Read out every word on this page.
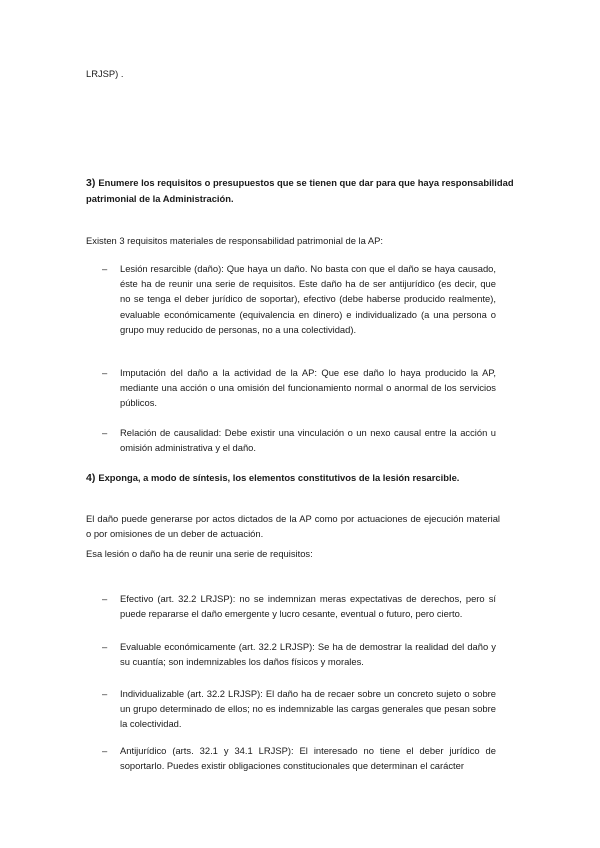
LRJSP) .

3) Enumere los requisitos o presupuestos que se tienen que dar para que haya responsabilidad patrimonial de la Administración.

Existen 3 requisitos materiales de responsabilidad patrimonial de la AP:

–	Lesión resarcible (daño): Que haya un daño. No basta con que el daño se haya causado, éste ha de reunir una serie de requisitos. Este daño ha de ser antijurídico (es decir, que no se tenga el deber jurídico de soportar), efectivo (debe haberse producido realmente), evaluable económicamente (equivalencia en dinero) e individualizado (a una persona o grupo muy reducido de personas, no a una colectividad).
–	Imputación del daño a la actividad de la AP: Que ese daño lo haya producido la AP, mediante una acción o una omisión del funcionamiento normal o anormal de los servicios públicos.
–	Relación de causalidad: Debe existir una vinculación o un nexo causal entre la acción u omisión administrativa y el daño.

4) Exponga, a modo de síntesis, los elementos constitutivos de la lesión resarcible.

El daño puede generarse por actos dictados de la AP como por actuaciones de ejecución material o por omisiones de un deber de actuación.

Esa lesión o daño ha de reunir una serie de requisitos:

–	Efectivo (art. 32.2 LRJSP): no se indemnizan meras expectativas de derechos, pero sí puede repararse el daño emergente y lucro cesante, eventual o futuro, pero cierto.
–	Evaluable económicamente (art. 32.2 LRJSP): Se ha de demostrar la realidad del daño y su cuantía; son indemnizables los daños físicos y morales.
–	Individualizable (art. 32.2 LRJSP): El daño ha de recaer sobre un concreto sujeto o sobre un grupo determinado de ellos; no es indemnizable las cargas generales que pesan sobre la colectividad.
–	Antijurídico (arts. 32.1 y 34.1 LRJSP): El interesado no tiene el deber jurídico de soportarlo. Puedes existir obligaciones constitucionales que determinan el carácter
